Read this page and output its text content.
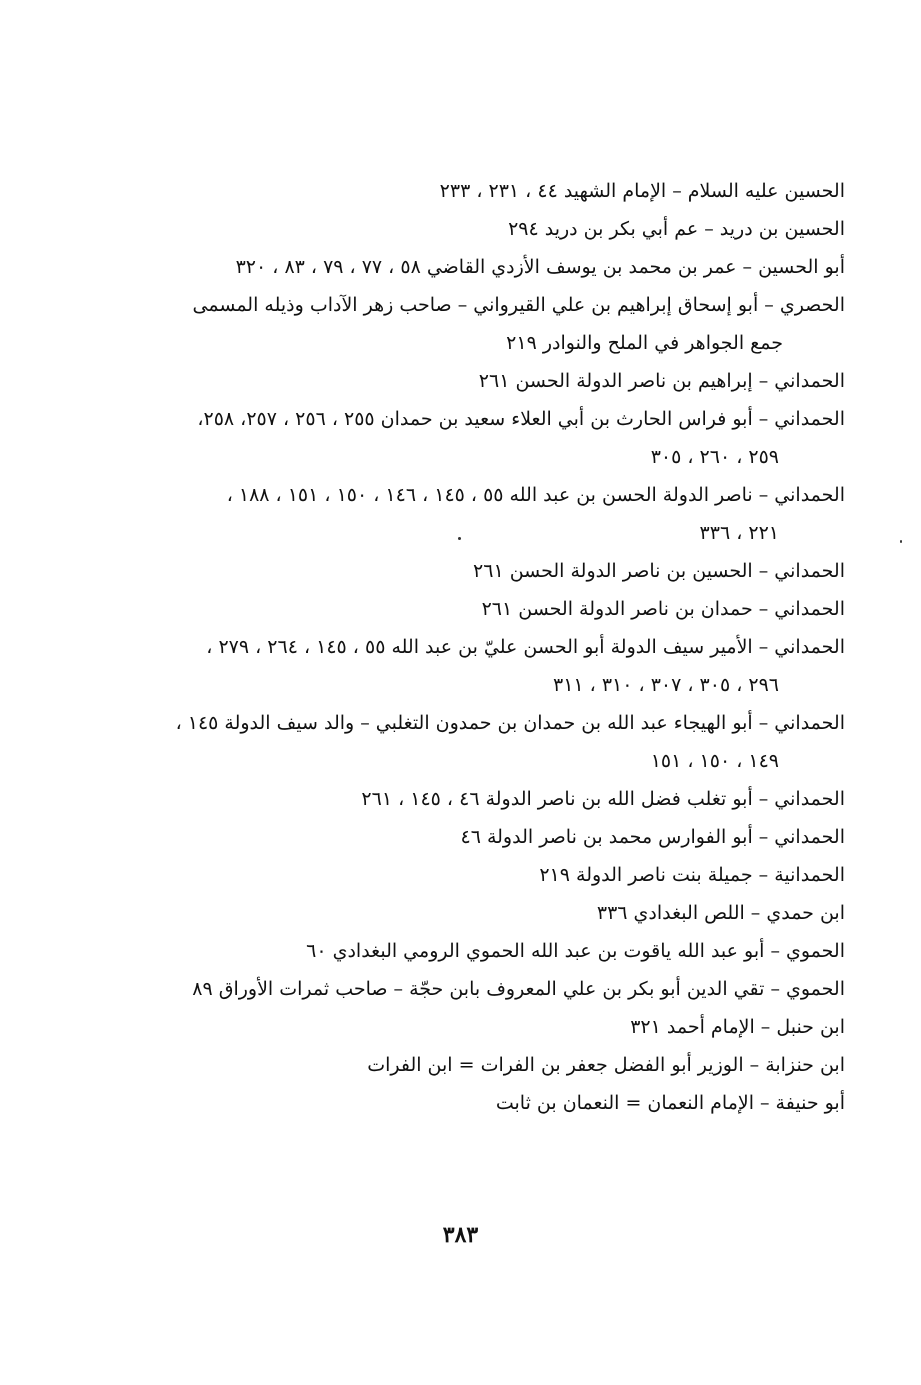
الحسين عليه السلام – الإمام الشهيد ٤٤ ، ٢٣١ ، ٢٣٣
الحسين بن دريد – عم أبي بكر بن دريد ٢٩٤
أبو الحسين – عمر بن محمد بن يوسف الأزدي القاضي ٥٨ ، ٧٧ ، ٧٩ ، ٨٣ ، ٣٢٠
الحصري – أبو إسحاق إبراهيم بن علي القيرواني – صاحب زهر الآداب وذيله المسمى
جمع الجواهر في الملح والنوادر ٢١٩
الحمداني – إبراهيم بن ناصر الدولة الحسن ٢٦١
الحمداني – أبو فراس الحارث بن أبي العلاء سعيد بن حمدان ٢٥٥ ، ٢٥٦ ، ٢٥٧، ٢٥٨،
٢٥٩ ، ٢٦٠ ، ٣٠٥
الحمداني – ناصر الدولة الحسن بن عبد الله ٥٥ ، ١٤٥ ، ١٤٦ ، ١٥٠ ، ١٥١ ، ١٨٨ ،
٢٢١ ، ٣٣٦
الحمداني – الحسين بن ناصر الدولة الحسن ٢٦١
الحمداني – حمدان بن ناصر الدولة الحسن ٢٦١
الحمداني – الأمير سيف الدولة أبو الحسن عليّ بن عبد الله ٥٥ ، ١٤٥ ، ٢٦٤ ، ٢٧٩ ،
٢٩٦ ، ٣٠٥ ، ٣٠٧ ، ٣١٠ ، ٣١١
الحمداني – أبو الهيجاء عبد الله بن حمدان بن حمدون التغلبي – والد سيف الدولة ١٤٥ ،
١٤٩ ، ١٥٠ ، ١٥١
الحمداني – أبو تغلب فضل الله بن ناصر الدولة ٤٦ ، ١٤٥ ، ٢٦١
الحمداني – أبو الفوارس محمد بن ناصر الدولة ٤٦
الحمدانية – جميلة بنت ناصر الدولة ٢١٩
ابن حمدي – اللص البغدادي ٣٣٦
الحموي – أبو عبد الله ياقوت بن عبد الله الحموي الرومي البغدادي ٦٠
الحموي – تقي الدين أبو بكر بن علي المعروف بابن حجّة – صاحب ثمرات الأوراق ٨٩
ابن حنبل – الإمام أحمد ٣٢١
ابن حنزابة – الوزير أبو الفضل جعفر بن الفرات = ابن الفرات
أبو حنيفة – الإمام النعمان = النعمان بن ثابت
٣٨٣
